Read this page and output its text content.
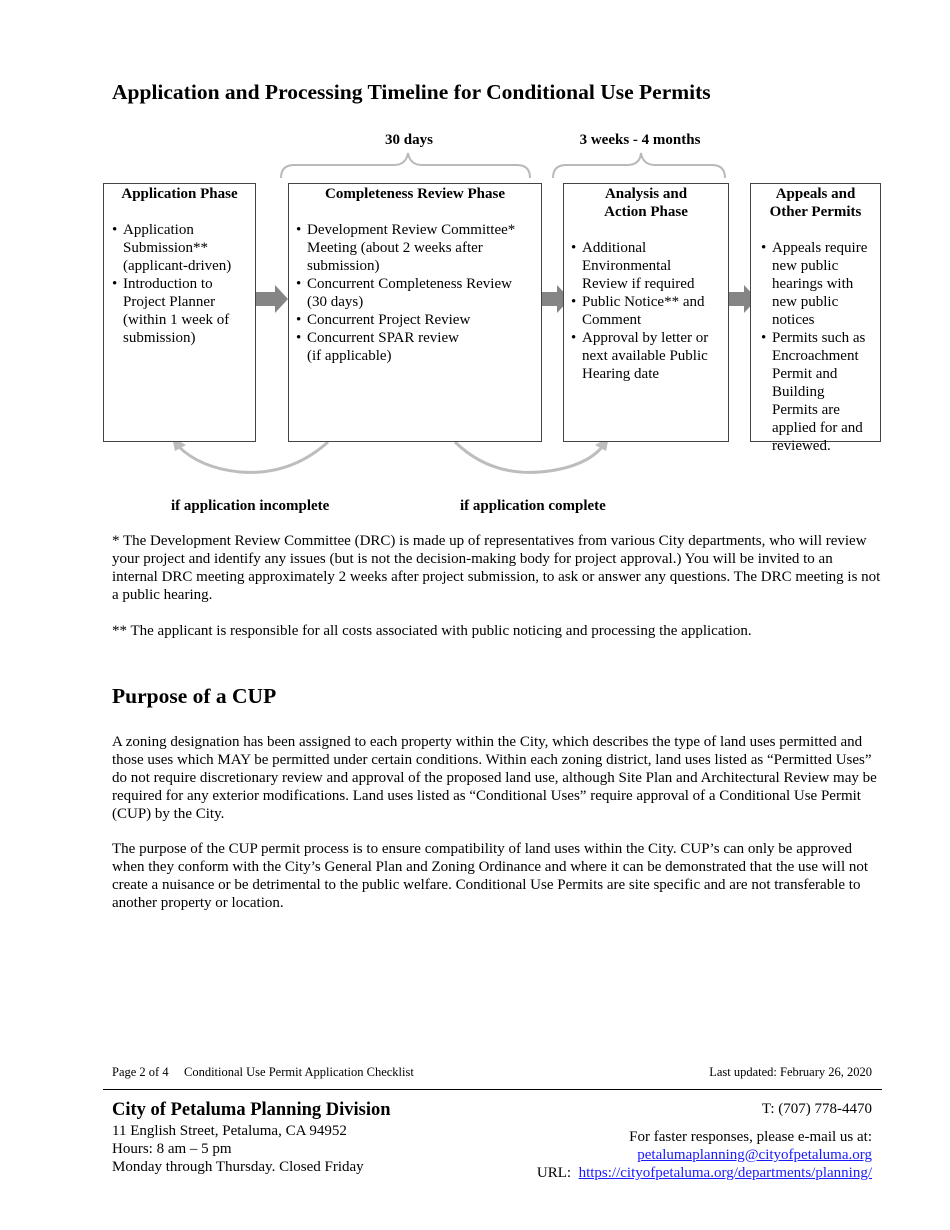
Application and Processing Timeline for Conditional Use Permits
30 days	3 weeks - 4 months
Application Phase
• Application
Submission**
(applicant-driven)
• Introduction to
Project Planner
(within 1 week of
submission)
Completeness Review Phase
• Development Review Committee*
Meeting (about 2 weeks after
submission)
• Concurrent Completeness Review
(30 days)
• Concurrent Project Review
• Concurrent SPAR review
(if applicable)
Analysis and
Action Phase
• Additional
Environmental
Review if required
• Public Notice** and
Comment
• Approval by letter or
next available Public
Hearing date
Appeals and
Other Permits
• Appeals require
new public
hearings with
new public
notices
• Permits such as
Encroachment
Permit and
Building
Permits are
applied for and
reviewed.
if application incomplete	if application complete

* The Development Review Committee (DRC) is made up of representatives from various City departments, who will review your project and identify any issues (but is not the decision-making body for project approval.) You will be invited to an internal DRC meeting approximately 2 weeks after project submission, to ask or answer any questions. The DRC meeting is not a public hearing.

** The applicant is responsible for all costs associated with public noticing and processing the application.

Purpose of a CUP

A zoning designation has been assigned to each property within the City, which describes the type of land uses permitted and those uses which MAY be permitted under certain conditions. Within each zoning district, land uses listed as “Permitted Uses” do not require discretionary review and approval of the proposed land use, although Site Plan and Architectural Review may be required for any exterior modifications. Land uses listed as “Conditional Uses” require approval of a Conditional Use Permit (CUP) by the City.

The purpose of the CUP permit process is to ensure compatibility of land uses within the City. CUP’s can only be approved when they conform with the City’s General Plan and Zoning Ordinance and where it can be demonstrated that the use will not create a nuisance or be detrimental to the public welfare. Conditional Use Permits are site specific and are not transferable to another property or location.

Page 2 of 4 Conditional Use Permit Application Checklist	Last updated: February 26, 2020
City of Petaluma Planning Division
11 English Street, Petaluma, CA 94952
Hours: 8 am – 5 pm
Monday through Thursday. Closed Friday
T: (707) 778-4470
For faster responses, please e-mail us at:
petalumaplanning@cityofpetaluma.org
URL: https://cityofpetaluma.org/departments/planning/
